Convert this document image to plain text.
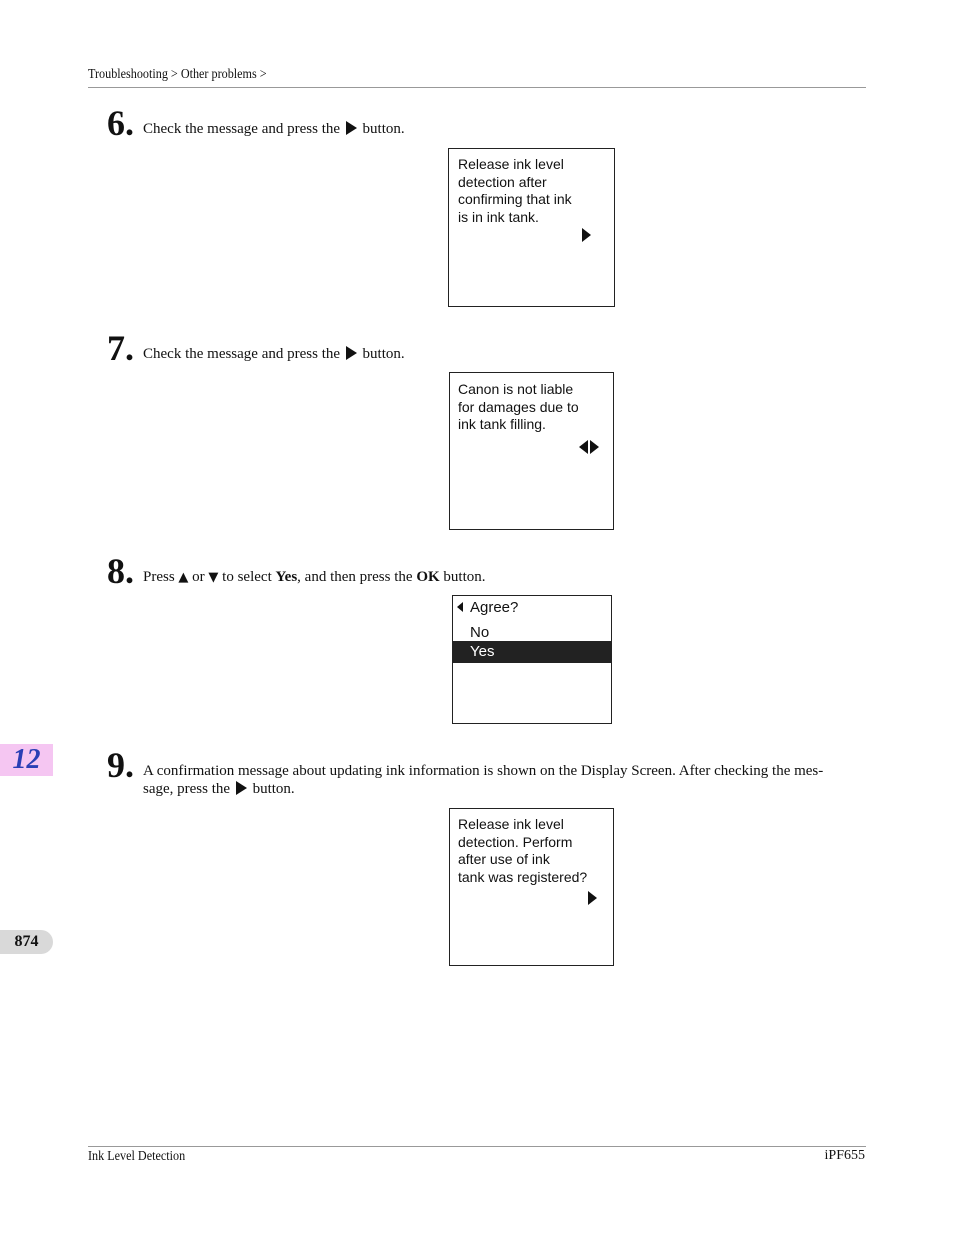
Troubleshooting > Other problems >
6. Check the message and press the button.
Release ink level
detection after
confirming that ink
is in ink tank.
7. Check the message and press the button.
Canon is not liable
for damages due to
ink tank filling.
8. Press ▲ or ▼ to select Yes, and then press the OK button.
Agree?
No
Yes
12	9. A confirmation message about updating ink information is shown on the Display Screen. After checking the mes-
sage, press the button.
Release ink level
detection. Perform
after use of ink
tank was registered?
874
Ink Level Detection	iPF655
